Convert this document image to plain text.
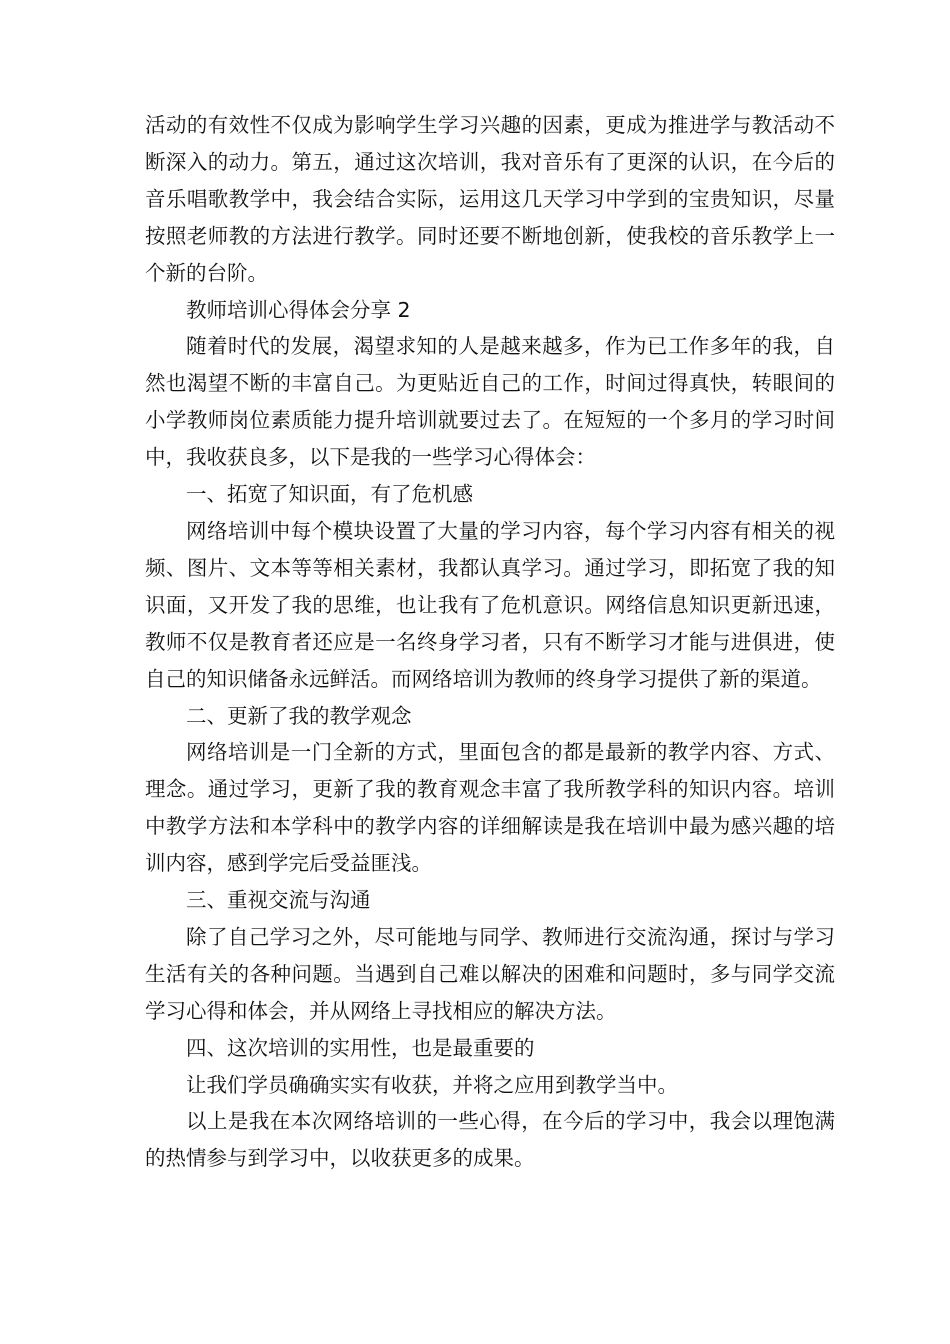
活动的有效性不仅成为影响学生学习兴趣的因素，更成为推进学与教活动不断深入的动力。第五，通过这次培训，我对音乐有了更深的认识，在今后的音乐唱歌教学中，我会结合实际，运用这几天学习中学到的宝贵知识，尽量按照老师教的方法进行教学。同时还要不断地创新，使我校的音乐教学上一个新的台阶。

教师培训心得体会分享 2

随着时代的发展，渴望求知的人是越来越多，作为已工作多年的我，自然也渴望不断的丰富自己。为更贴近自己的工作，时间过得真快，转眼间的小学教师岗位素质能力提升培训就要过去了。在短短的一个多月的学习时间中，我收获良多，以下是我的一些学习心得体会：

一、拓宽了知识面，有了危机感

网络培训中每个模块设置了大量的学习内容，每个学习内容有相关的视频、图片、文本等等相关素材，我都认真学习。通过学习，即拓宽了我的知识面，又开发了我的思维，也让我有了危机意识。网络信息知识更新迅速，教师不仅是教育者还应是一名终身学习者，只有不断学习才能与进俱进，使自己的知识储备永远鲜活。而网络培训为教师的终身学习提供了新的渠道。

二、更新了我的教学观念

网络培训是一门全新的方式，里面包含的都是最新的教学内容、方式、理念。通过学习，更新了我的教育观念丰富了我所教学科的知识内容。培训中教学方法和本学科中的教学内容的详细解读是我在培训中最为感兴趣的培训内容，感到学完后受益匪浅。

三、重视交流与沟通

除了自己学习之外，尽可能地与同学、教师进行交流沟通，探讨与学习生活有关的各种问题。当遇到自己难以解决的困难和问题时，多与同学交流学习心得和体会，并从网络上寻找相应的解决方法。

四、这次培训的实用性，也是最重要的

让我们学员确确实实有收获，并将之应用到教学当中。

以上是我在本次网络培训的一些心得，在今后的学习中，我会以理饱满的热情参与到学习中，以收获更多的成果。
